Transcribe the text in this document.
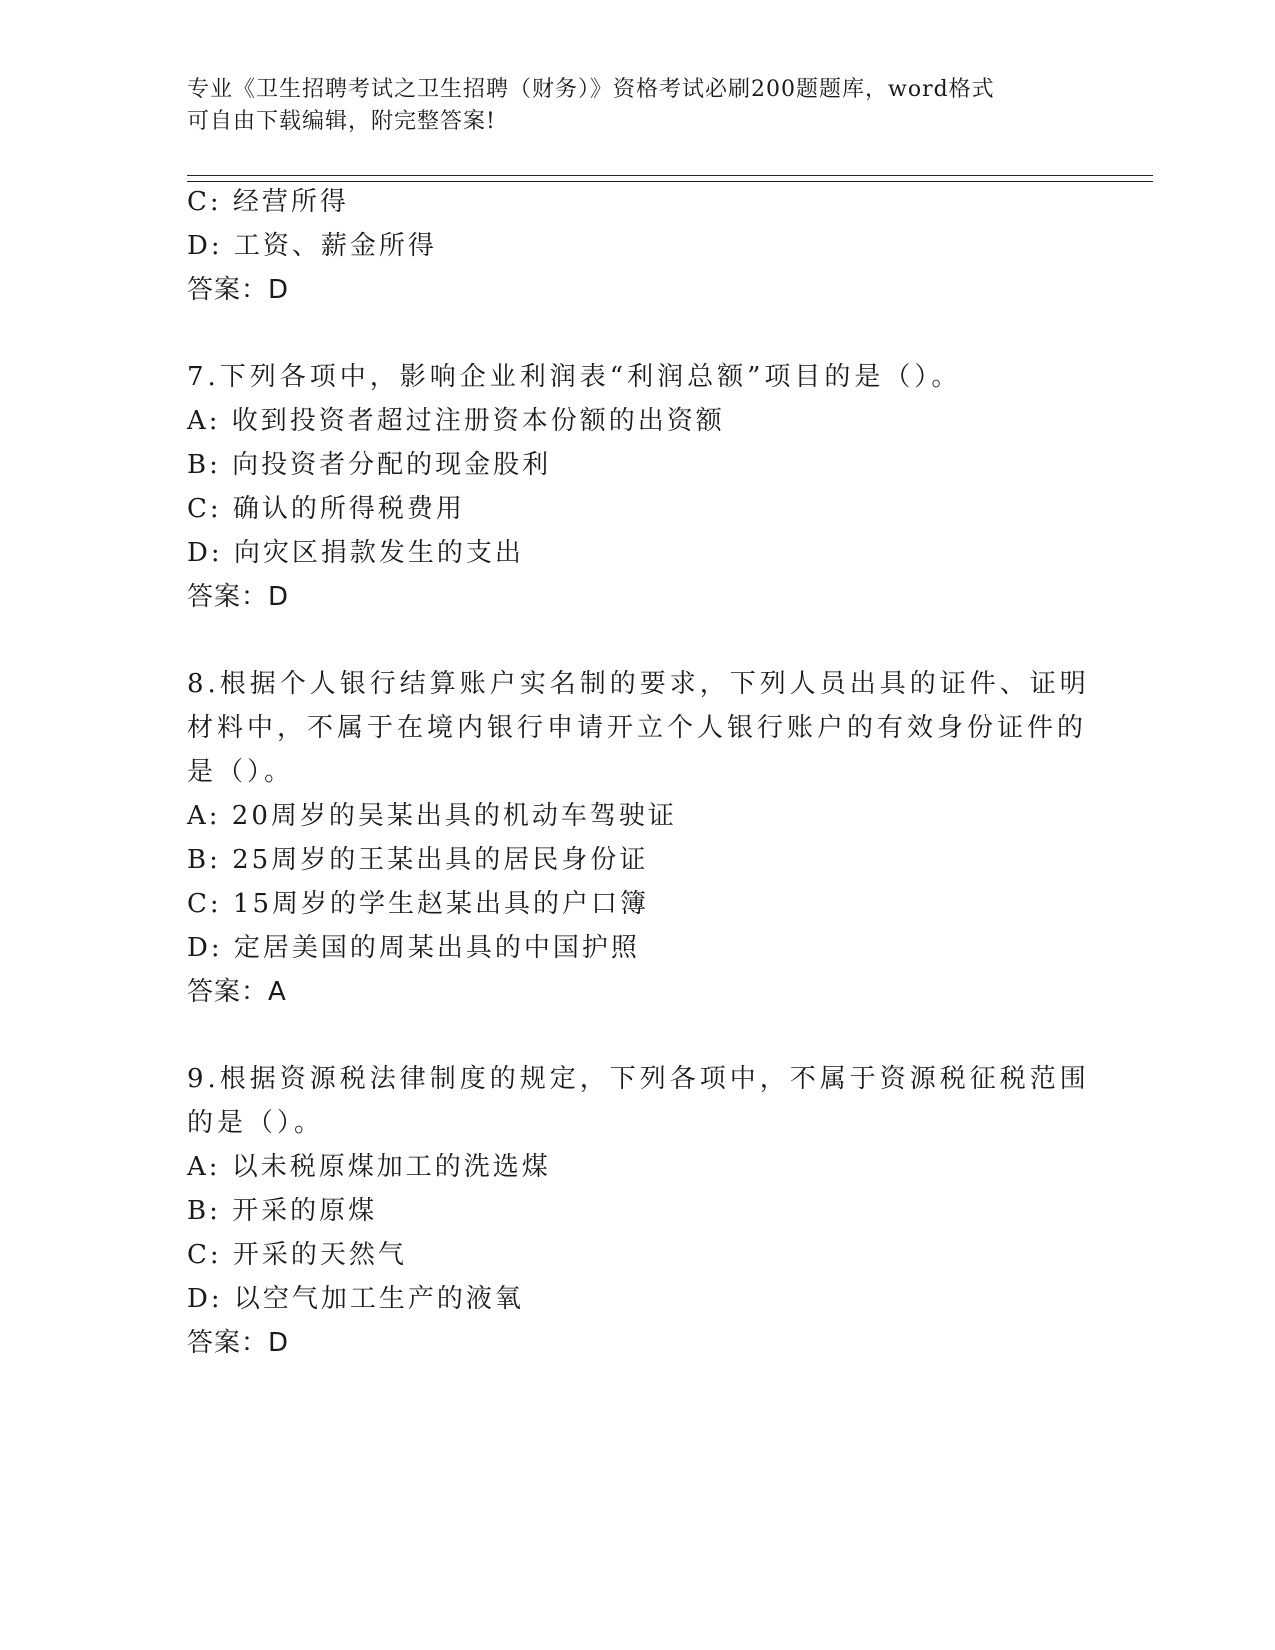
专业《卫生招聘考试之卫生招聘（财务）》资格考试必刷200题题库，word格式

可自由下载编辑，附完整答案!

C: 经营所得
D: 工资、薪金所得
答案：D
7.下列各项中，影响企业利润表“利润总额”项目的是（）。
A: 收到投资者超过注册资本份额的出资额
B: 向投资者分配的现金股利
C: 确认的所得税费用
D: 向灾区捐款发生的支出
答案：D
8.根据个人银行结算账户实名制的要求，下列人员出具的证件、证明
材料中，不属于在境内银行申请开立个人银行账户的有效身份证件的
是（）。
A: 20周岁的吴某出具的机动车驾驶证
B: 25周岁的王某出具的居民身份证
C: 15周岁的学生赵某出具的户口簿
D: 定居美国的周某出具的中国护照
答案：A
9.根据资源税法律制度的规定，下列各项中，不属于资源税征税范围
的是（）。
A: 以未税原煤加工的洗选煤
B: 开采的原煤
C: 开采的天然气
D: 以空气加工生产的液氧
答案：D
